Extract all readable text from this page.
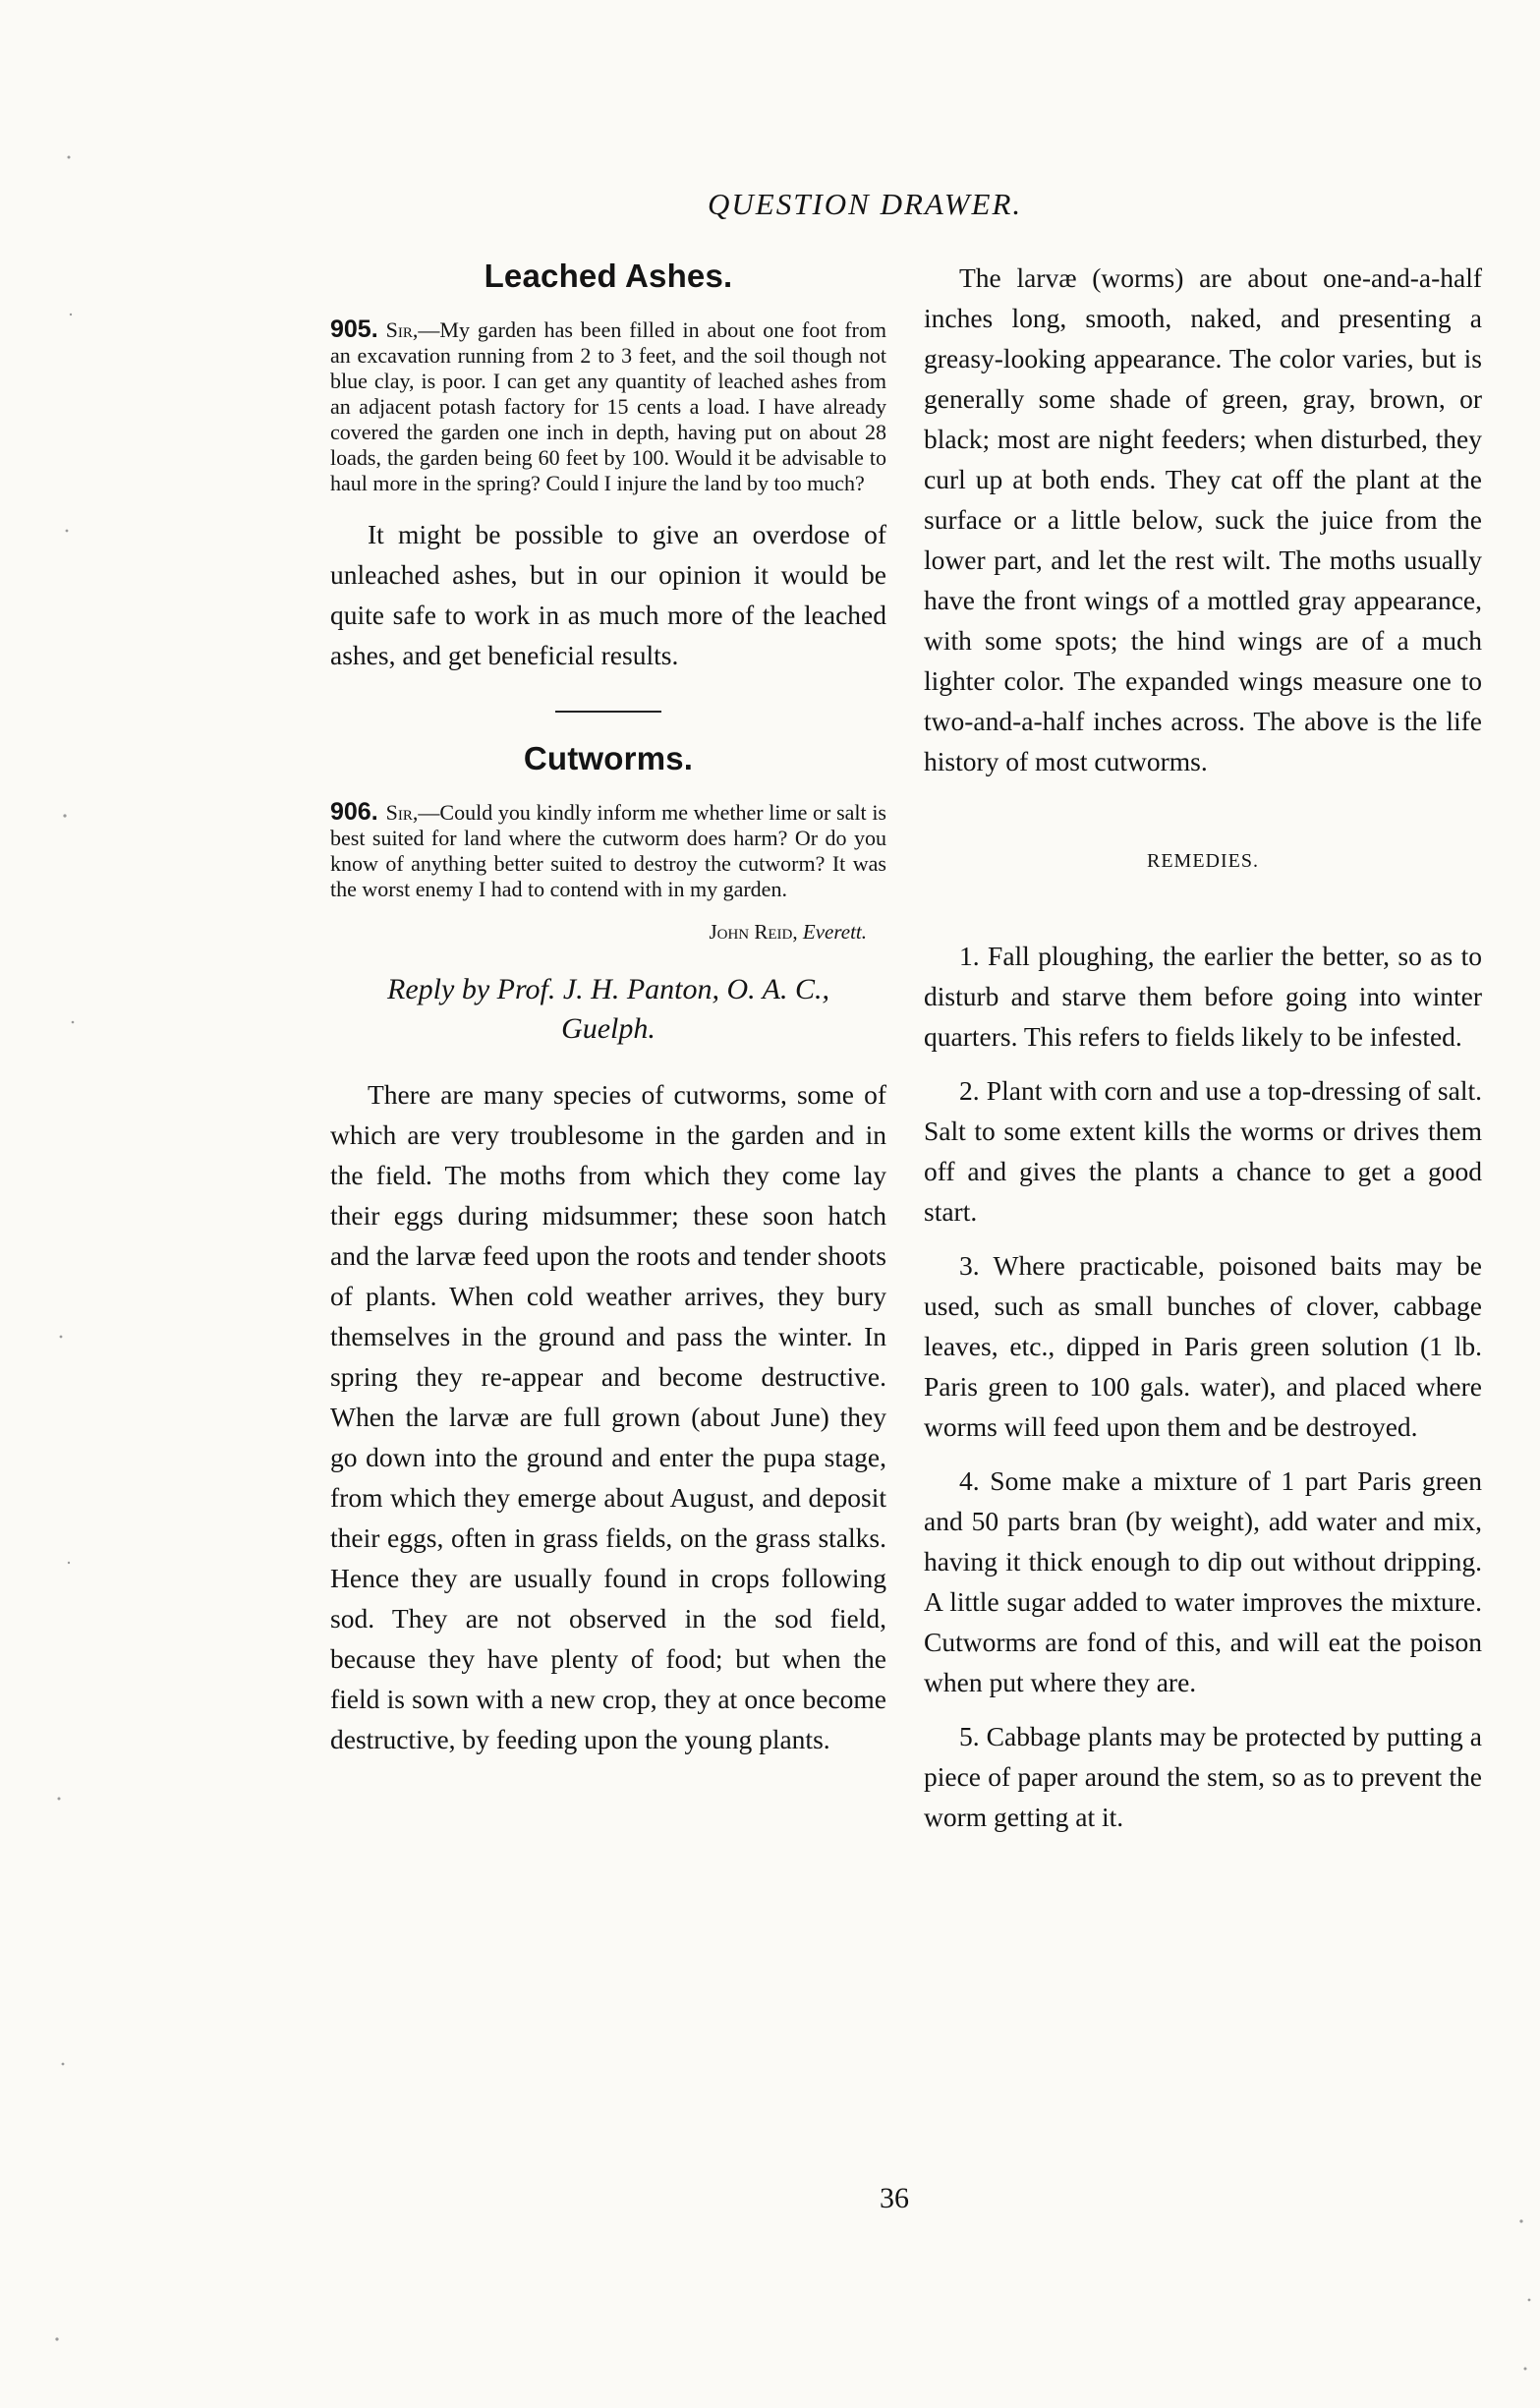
QUESTION DRAWER.
Leached Ashes.

905. Sir,—My garden has been filled in about one foot from an excavation running from 2 to 3 feet, and the soil though not blue clay, is poor. I can get any quantity of leached ashes from an adjacent potash factory for 15 cents a load. I have already covered the garden one inch in depth, having put on about 28 loads, the garden being 60 feet by 100. Would it be advisable to haul more in the spring? Could I injure the land by too much?

It might be possible to give an overdose of unleached ashes, but in our opinion it would be quite safe to work in as much more of the leached ashes, and get beneficial results.

Cutworms.

906. Sir,—Could you kindly inform me whether lime or salt is best suited for land where the cutworm does harm? Or do you know of anything better suited to destroy the cutworm? It was the worst enemy I had to contend with in my garden.

John Reid, Everett.

Reply by Prof. J. H. Panton, O. A. C., Guelph.

There are many species of cutworms, some of which are very troublesome in the garden and in the field. The moths from which they come lay their eggs during midsummer; these soon hatch and the larvæ feed upon the roots and tender shoots of plants. When cold weather arrives, they bury themselves in the ground and pass the winter. In spring they re-appear and become destructive. When the larvæ are full grown (about June) they go down into the ground and enter the pupa stage, from which they emerge about August, and deposit their eggs, often in grass fields, on the grass stalks. Hence they are usually found in crops following sod. They are not observed in the sod field, because they have plenty of food; but when the field is sown with a new crop, they at once become destructive, by feeding upon the young plants.

The larvæ (worms) are about one-and-a-half inches long, smooth, naked, and presenting a greasy-looking appearance. The color varies, but is generally some shade of green, gray, brown, or black; most are night feeders; when disturbed, they curl up at both ends. They cat off the plant at the surface or a little below, suck the juice from the lower part, and let the rest wilt. The moths usually have the front wings of a mottled gray appearance, with some spots; the hind wings are of a much lighter color. The expanded wings measure one to two-and-a-half inches across. The above is the life history of most cutworms.

REMEDIES.

1. Fall ploughing, the earlier the better, so as to disturb and starve them before going into winter quarters. This refers to fields likely to be infested.

2. Plant with corn and use a top-dressing of salt. Salt to some extent kills the worms or drives them off and gives the plants a chance to get a good start.

3. Where practicable, poisoned baits may be used, such as small bunches of clover, cabbage leaves, etc., dipped in Paris green solution (1 lb. Paris green to 100 gals. water), and placed where worms will feed upon them and be destroyed.

4. Some make a mixture of 1 part Paris green and 50 parts bran (by weight), add water and mix, having it thick enough to dip out without dripping. A little sugar added to water improves the mixture. Cutworms are fond of this, and will eat the poison when put where they are.

5. Cabbage plants may be protected by putting a piece of paper around the stem, so as to prevent the worm getting at it.

36
